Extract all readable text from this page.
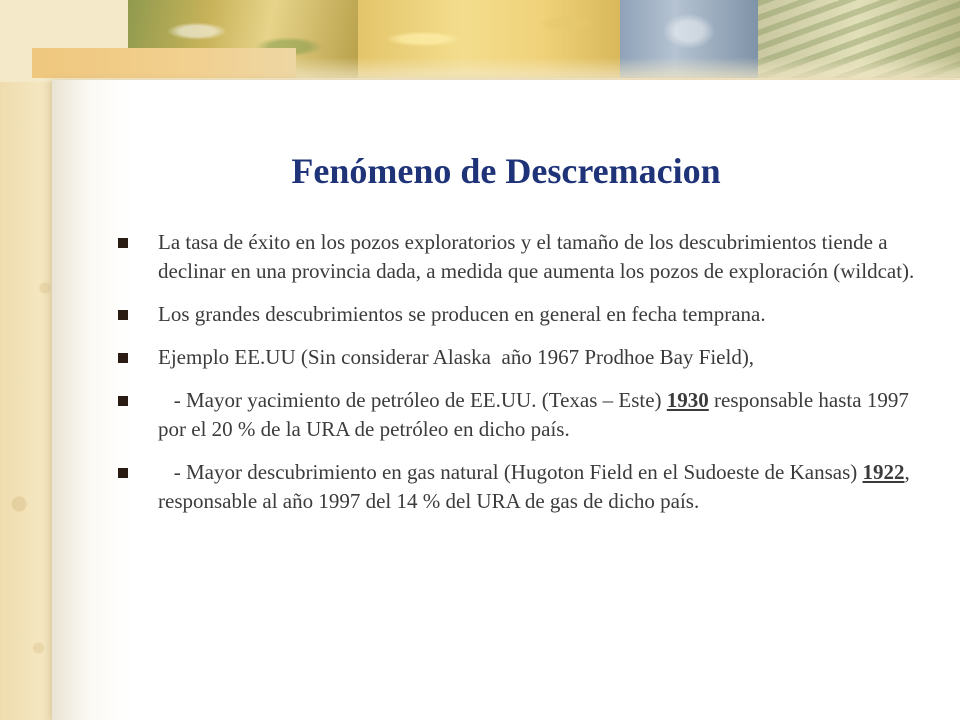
Fenómeno de Descremacion
La tasa de éxito en los pozos exploratorios y el tamaño de los descubrimientos tiende a declinar en una provincia dada, a medida que aumenta los pozos de exploración (wildcat).
Los grandes descubrimientos se producen en general en fecha temprana.
Ejemplo EE.UU (Sin considerar Alaska  año 1967 Prodhoe Bay Field),
- Mayor yacimiento de petróleo de EE.UU. (Texas – Este) 1930 responsable hasta 1997 por el 20 % de la URA de petróleo en dicho país.
- Mayor descubrimiento en gas natural (Hugoton Field en el Sudoeste de Kansas) 1922, responsable al año 1997 del 14 % del URA de gas de dicho país.
